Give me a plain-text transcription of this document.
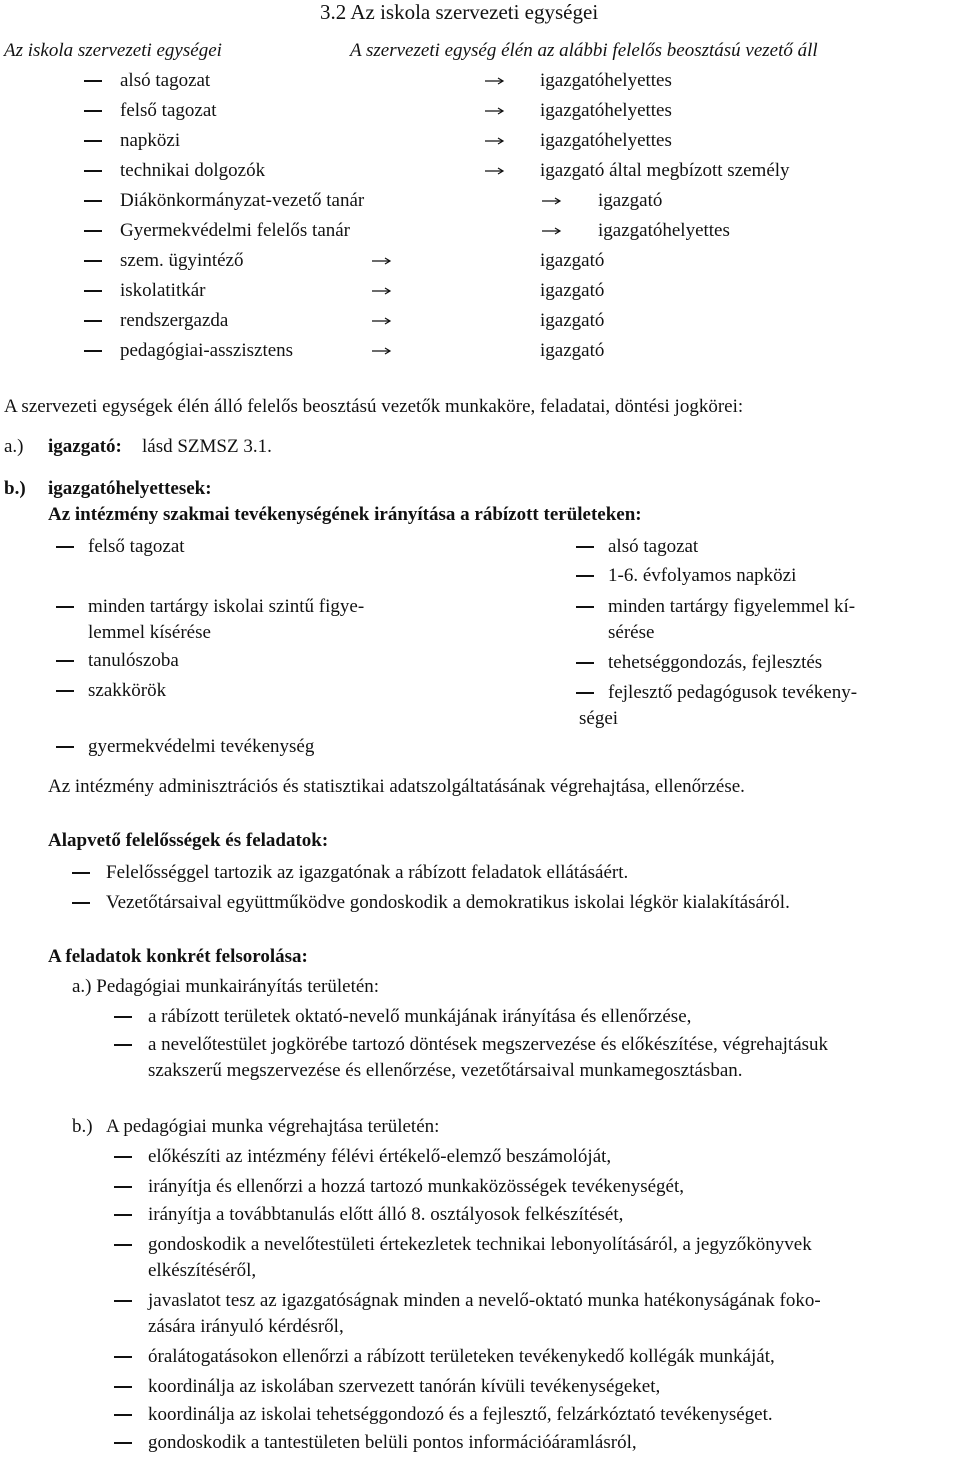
3.2 Az iskola szervezeti egységei
Az iskola szervezeti egységei	A szervezeti egység élén az alábbi felelős beosztású vezető áll
alsó tagozat	igazgatóhelyettes
felső tagozat	igazgatóhelyettes
napközi	igazgatóhelyettes
technikai dolgozók	igazgató által megbízott személy
Diákönkormányzat-vezető tanár	igazgató
Gyermekvédelmi felelős tanár	igazgatóhelyettes
szem. ügyintéző	igazgató
iskolatitkár	igazgató
rendszergazda	igazgató
pedagógiai-asszisztens	igazgató
A szervezeti egységek élén álló felelős beosztású vezetők munkaköre, feladatai, döntési jogkörei:
a.) igazgató: lásd SZMSZ 3.1.
b.) igazgatóhelyettesek:
Az intézmény szakmai tevékenységének irányítása a rábízott területeken:
felső tagozat
minden tartárgy iskolai szintű figye-
lemmel kísérése
tanulószoba
szakkörök
gyermekvédelmi tevékenység
alsó tagozat
1-6. évfolyamos napközi
minden tartárgy figyelemmel kí-
sérése
tehetséggondozás, fejlesztés
fejlesztő pedagógusok tevékeny-
ségei
Az intézmény adminisztrációs és statisztikai adatszolgáltatásának végrehajtása, ellenőrzése.
Alapvető felelősségek és feladatok:
Felelősséggel tartozik az igazgatónak a rábízott feladatok ellátásáért.
Vezetőtársaival együttműködve gondoskodik a demokratikus iskolai légkör kialakításáról.
A feladatok konkrét felsorolása:
a.) Pedagógiai munkairányítás területén:
a rábízott területek oktató-nevelő munkájának irányítása és ellenőrzése,
a nevelőtestület jogkörébe tartozó döntések megszervezése és előkészítése, végrehajtásuk
szakszerű megszervezése és ellenőrzése, vezetőtársaival munkamegosztásban.
b.) A pedagógiai munka végrehajtása területén:
előkészíti az intézmény félévi értékelő-elemző beszámolóját,
irányítja és ellenőrzi a hozzá tartozó munkaközösségek tevékenységét,
irányítja a továbbtanulás előtt álló 8. osztályosok felkészítését,
gondoskodik a nevelőtestületi értekezletek technikai lebonyolításáról, a jegyzőkönyvek
elkészítéséről,
javaslatot tesz az igazgatóságnak minden a nevelő-oktató munka hatékonyságának foko-
zására irányuló kérdésről,
óralátogatásokon ellenőrzi a rábízott területeken tevékenykedő kollégák munkáját,
koordinálja az iskolában szervezett tanórán kívüli tevékenységeket,
koordinálja az iskolai tehetséggondozó és a fejlesztő, felzárkóztató tevékenységet.
gondoskodik a tantestületen belüli pontos információáramlásról,
